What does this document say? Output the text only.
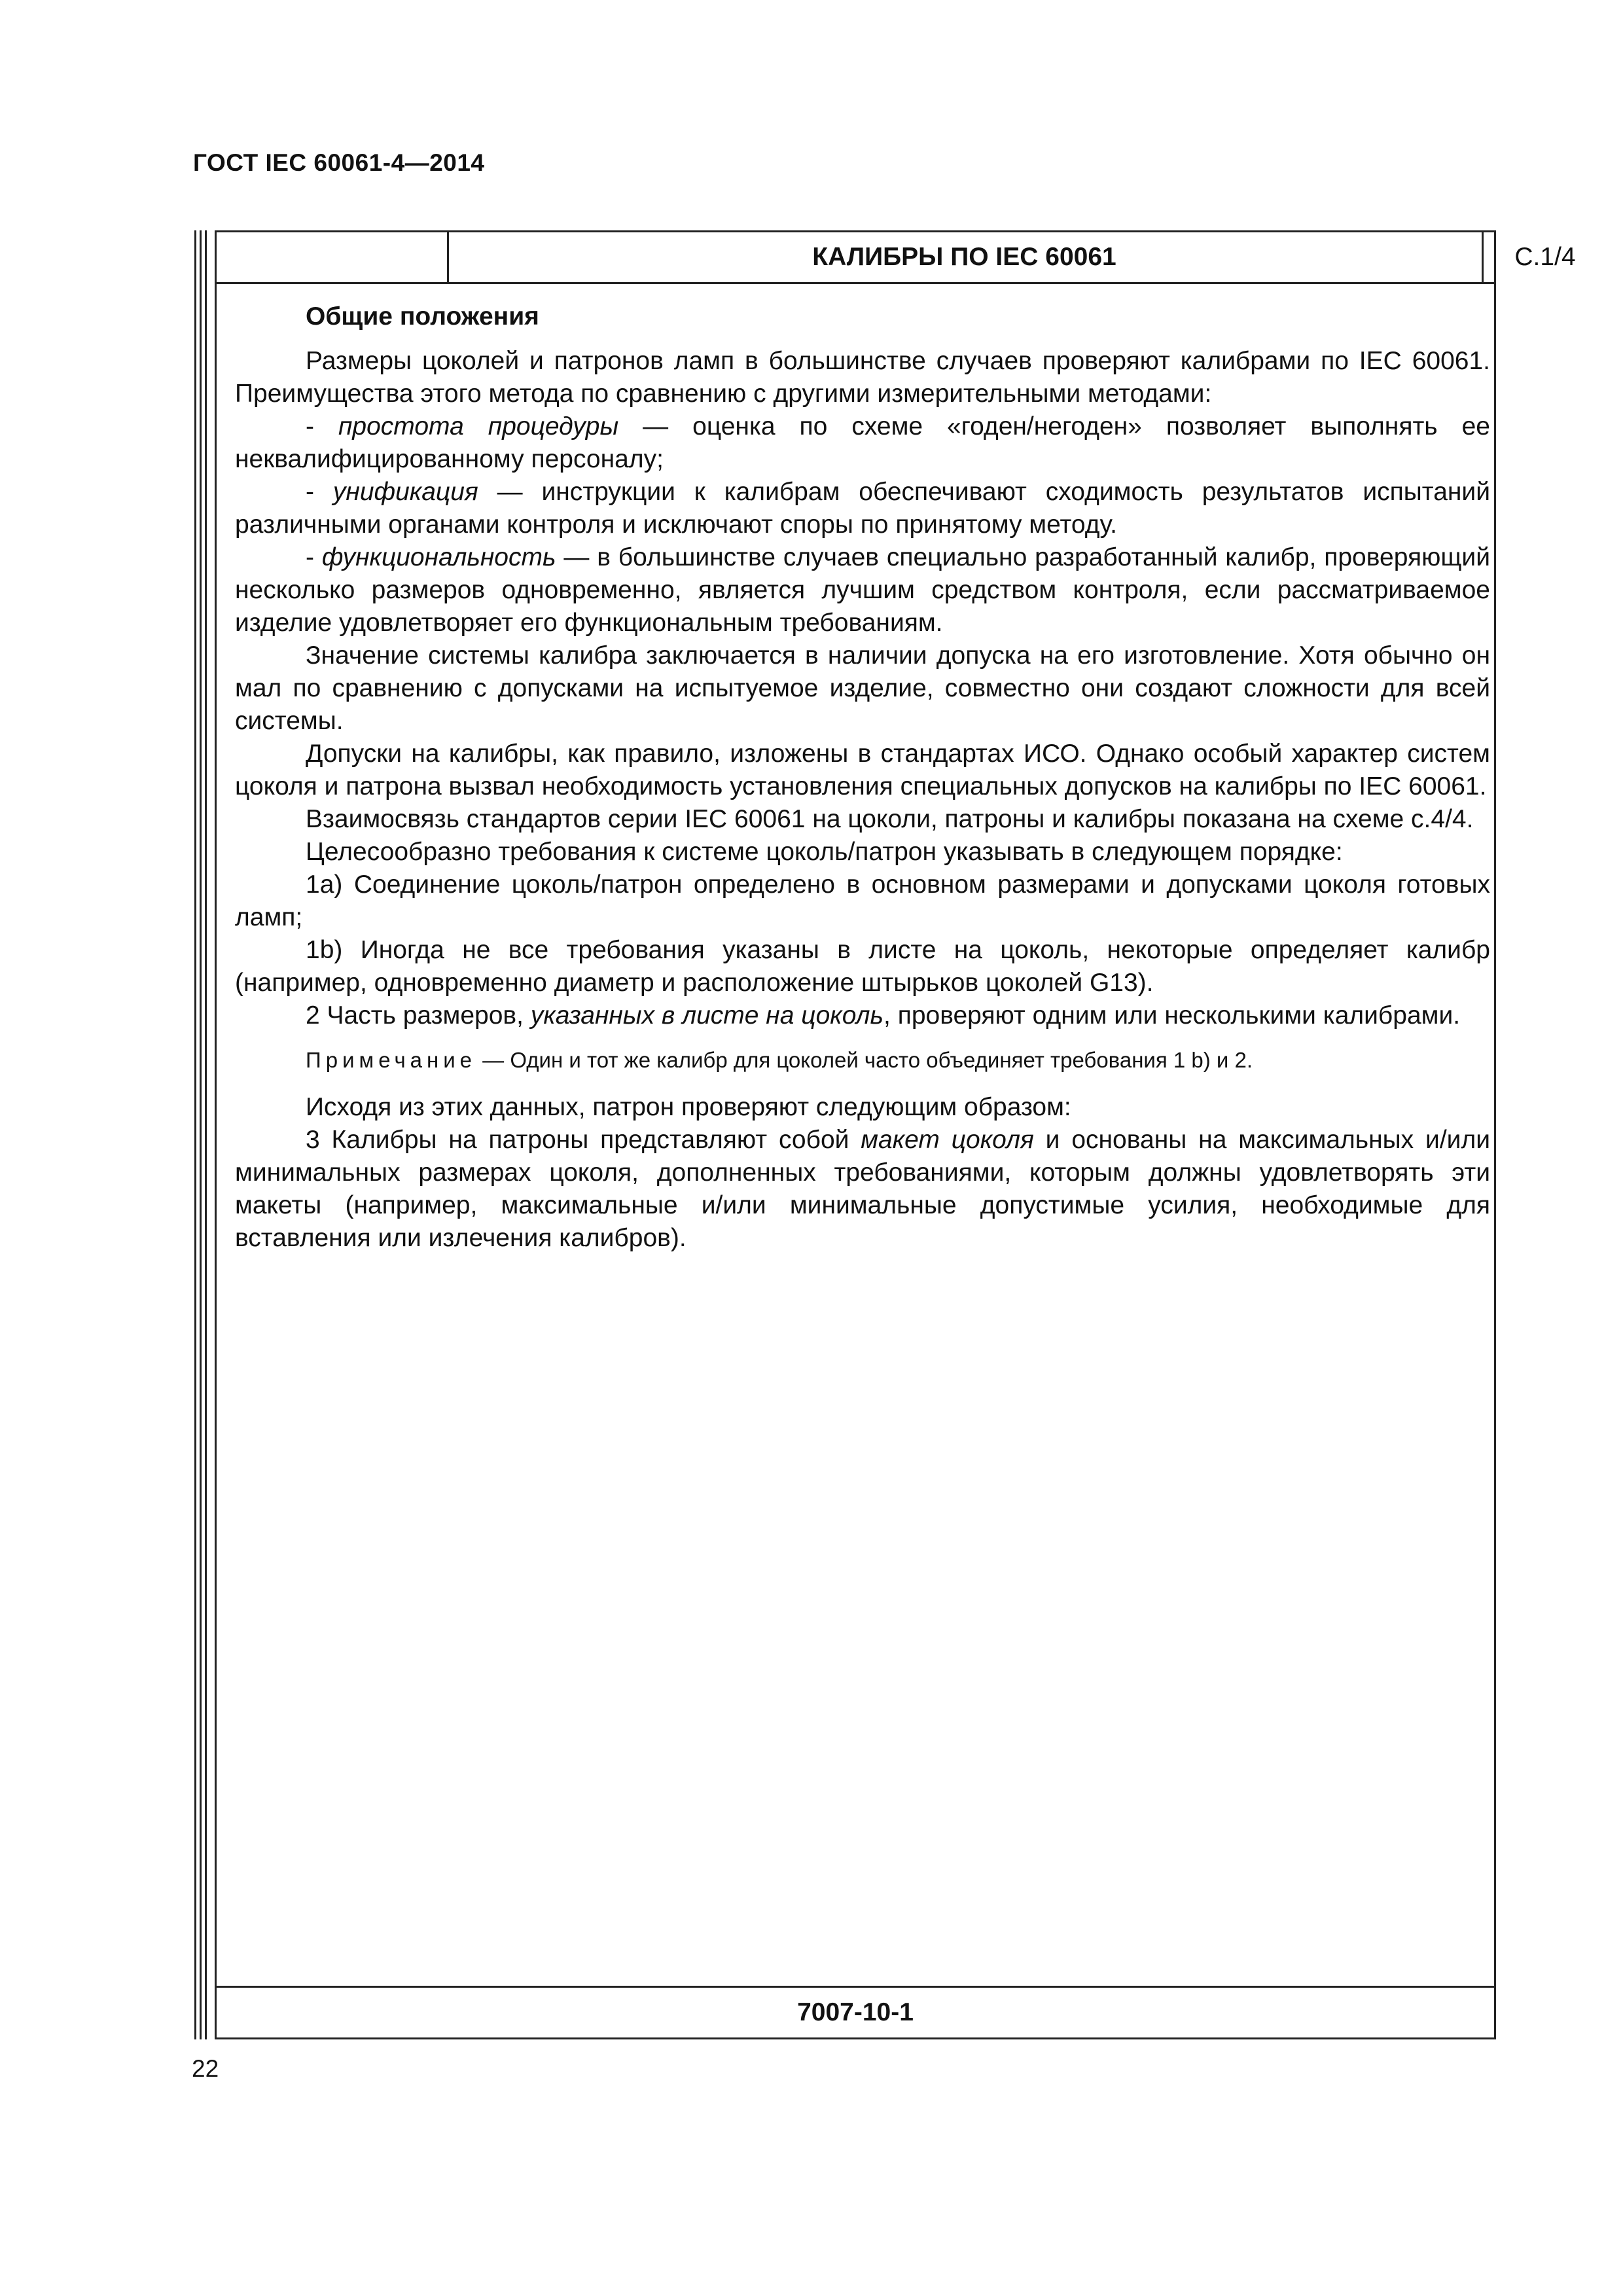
ГОСТ IEC 60061-4—2014
КАЛИБРЫ ПО IEC 60061	С.1/4

Общие положения

Размеры цоколей и патронов ламп в большинстве случаев проверяют калибрами по IEC 60061. Преимущества этого метода по сравнению с другими измерительными методами:

- простота процедуры — оценка по схеме «годен/негоден» позволяет выполнять ее неквалифицированному персоналу;

- унификация — инструкции к калибрам обеспечивают сходимость результатов испытаний различными органами контроля и исключают споры по принятому методу.

- функциональность — в большинстве случаев специально разработанный калибр, проверяющий несколько размеров одновременно, является лучшим средством контроля, если рассматриваемое изделие удовлетворяет его функциональным требованиям.

Значение системы калибра заключается в наличии допуска на его изготовление. Хотя обычно он мал по сравнению с допусками на испытуемое изделие, совместно они создают сложности для всей системы.

Допуски на калибры, как правило, изложены в стандартах ИСО. Однако особый характер систем цоколя и патрона вызвал необходимость установления специальных допусков на калибры по IEC 60061.

Взаимосвязь стандартов серии IEC 60061 на цоколи, патроны и калибры показана на схеме с.4/4.

Целесообразно требования к системе цоколь/патрон указывать в следующем порядке:

1a) Соединение цоколь/патрон определено в основном размерами и допусками цоколя готовых ламп;

1b) Иногда не все требования указаны в листе на цоколь, некоторые определяет калибр (например, одновременно диаметр и расположение штырьков цоколей G13).

2 Часть размеров, указанных в листе на цоколь, проверяют одним или несколькими калибрами.

Примечание — Один и тот же калибр для цоколей часто объединяет требования 1 b) и 2.

Исходя из этих данных, патрон проверяют следующим образом:

3 Калибры на патроны представляют собой макет цоколя и основаны на максимальных и/или минимальных размерах цоколя, дополненных требованиями, которым должны удовлетворять эти макеты (например, максимальные и/или минимальные допустимые усилия, необходимые для вставления или излечения калибров).

7007-10-1
22
